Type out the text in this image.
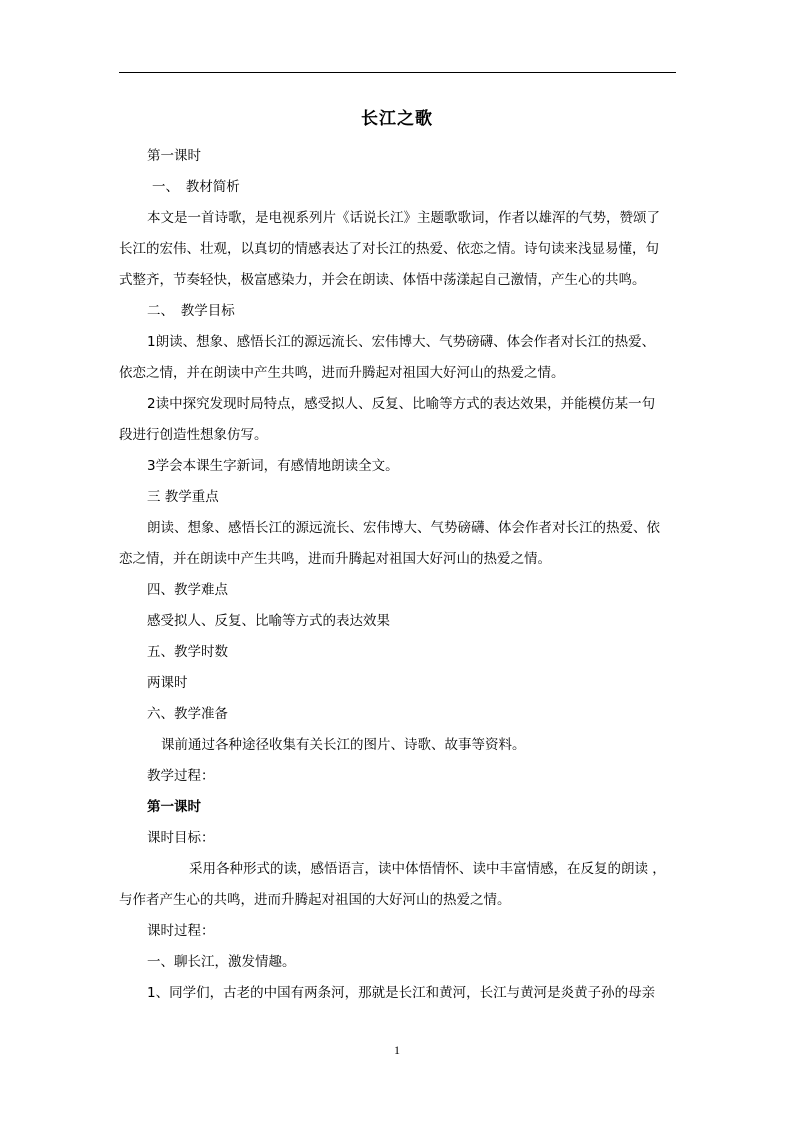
长江之歌
第一课时
一、　教材简析
本文是一首诗歌，是电视系列片《话说长江》主题歌歌词，作者以雄浑的气势，赞颂了
长江的宏伟、壮观，以真切的情感表达了对长江的热爱、依恋之情。诗句读来浅显易懂，句
式整齐，节奏轻快，极富感染力，并会在朗读、体悟中荡漾起自己激情，产生心的共鸣。
二、　教学目标
1朗读、想象、感悟长江的源远流长、宏伟博大、气势磅礴、体会作者对长江的热爱、
依恋之情，并在朗读中产生共鸣，进而升腾起对祖国大好河山的热爱之情。
2读中探究发现时局特点，感受拟人、反复、比喻等方式的表达效果，并能模仿某一句
段进行创造性想象仿写。
3学会本课生字新词，有感情地朗读全文。
三 教学重点
朗读、想象、感悟长江的源远流长、宏伟博大、气势磅礴、体会作者对长江的热爱、依
恋之情，并在朗读中产生共鸣，进而升腾起对祖国大好河山的热爱之情。
四、教学难点
感受拟人、反复、比喻等方式的表达效果
五、教学时数
两课时
六、教学准备
课前通过各种途径收集有关长江的图片、诗歌、故事等资料。
教学过程：
第一课时
课时目标：
采用各种形式的读，感悟语言，读中体悟情怀、读中丰富情感，在反复的朗读 ，
与作者产生心的共鸣，进而升腾起对祖国的大好河山的热爱之情。
课时过程：
一、聊长江，激发情趣。
1、同学们，古老的中国有两条河，那就是长江和黄河，长江与黄河是炎黄子孙的母亲
1
